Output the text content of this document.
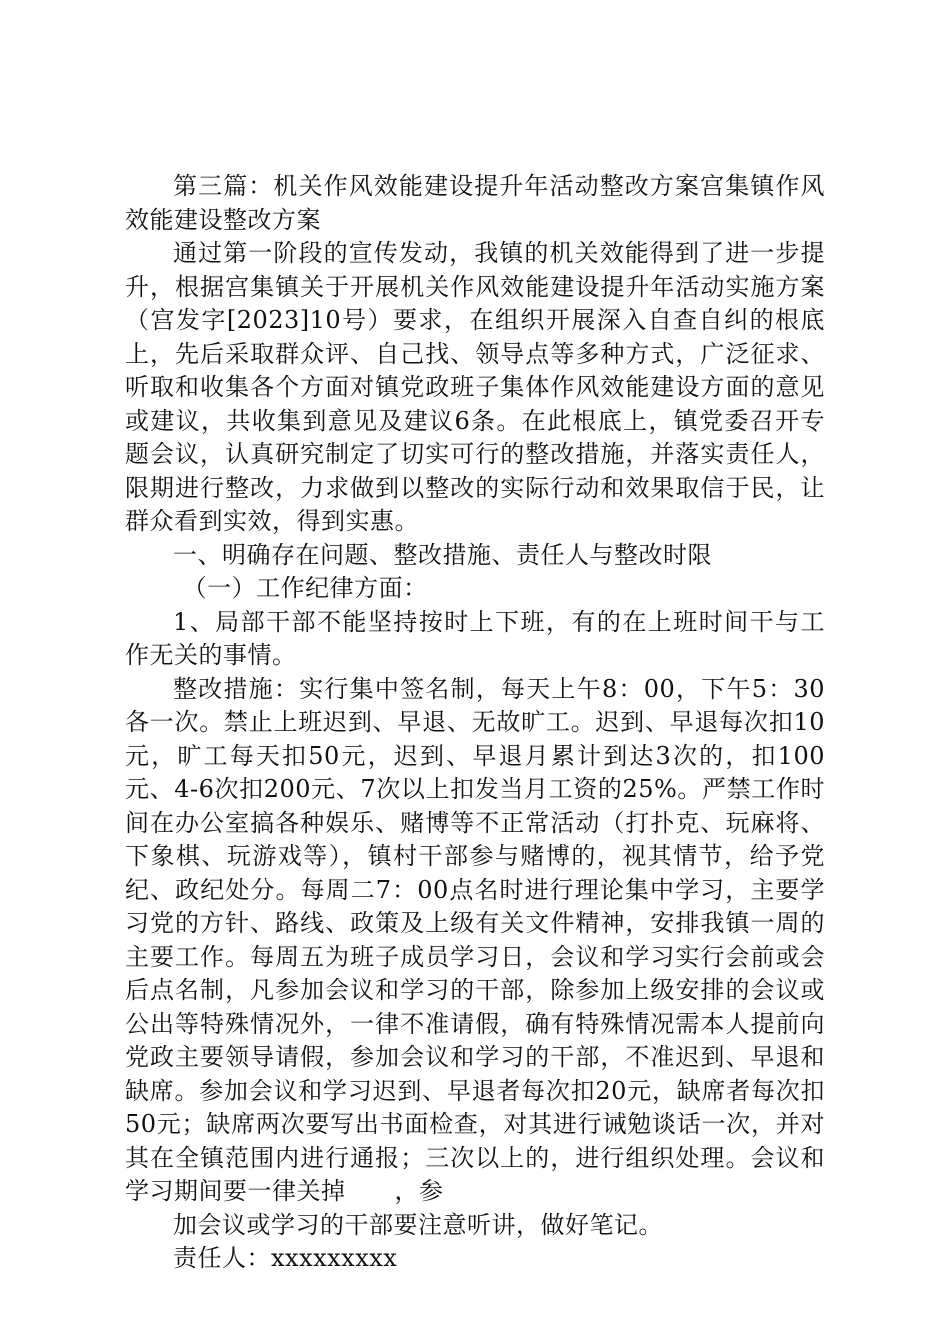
第三篇：机关作风效能建设提升年活动整改方案宫集镇作风效能建设整改方案

通过第一阶段的宣传发动，我镇的机关效能得到了进一步提升，根据宫集镇关于开展机关作风效能建设提升年活动实施方案（宫发字[2023]10号）要求，在组织开展深入自查自纠的根底上，先后采取群众评、自己找、领导点等多种方式，广泛征求、听取和收集各个方面对镇党政班子集体作风效能建设方面的意见或建议，共收集到意见及建议6条。在此根底上，镇党委召开专题会议，认真研究制定了切实可行的整改措施，并落实责任人，限期进行整改，力求做到以整改的实际行动和效果取信于民，让群众看到实效，得到实惠。

一、明确存在问题、整改措施、责任人与整改时限

（一）工作纪律方面：

1、局部干部不能坚持按时上下班，有的在上班时间干与工作无关的事情。

整改措施：实行集中签名制，每天上午8：00，下午5：30各一次。禁止上班迟到、早退、无故旷工。迟到、早退每次扣10元，旷工每天扣50元，迟到、早退月累计到达3次的，扣100元、4-6次扣200元、7次以上扣发当月工资的25%。严禁工作时间在办公室搞各种娱乐、赌博等不正常活动（打扑克、玩麻将、下象棋、玩游戏等），镇村干部参与赌博的，视其情节，给予党纪、政纪处分。每周二7：00点名时进行理论集中学习，主要学习党的方针、路线、政策及上级有关文件精神，安排我镇一周的主要工作。每周五为班子成员学习日，会议和学习实行会前或会后点名制，凡参加会议和学习的干部，除参加上级安排的会议或公出等特殊情况外，一律不准请假，确有特殊情况需本人提前向党政主要领导请假，参加会议和学习的干部，不准迟到、早退和缺席。参加会议和学习迟到、早退者每次扣20元，缺席者每次扣50元；缺席两次要写出书面检查，对其进行诫勉谈话一次，并对其在全镇范围内进行通报；三次以上的，进行组织处理。会议和学习期间要一律关掉　　，参

加会议或学习的干部要注意听讲，做好笔记。

责任人：xxxxxxxxx
